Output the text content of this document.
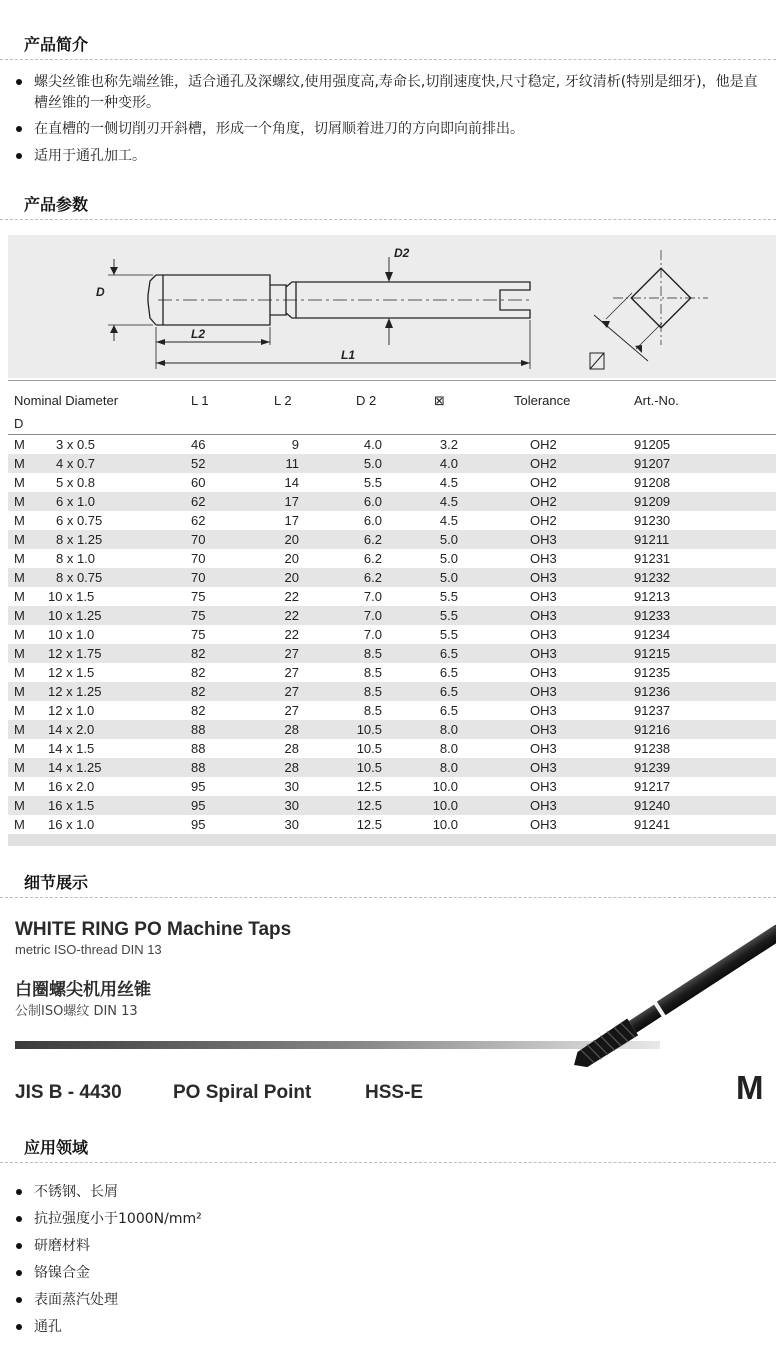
产品简介
螺尖丝锥也称先端丝锥，适合通孔及深螺纹,使用强度高,寿命长,切削速度快,尺寸稳定, 牙纹清析(特别是细牙)，他是直槽丝锥的一种变形。
在直槽的一侧切削刃开斜槽，形成一个角度，切屑顺着进刀的方向即向前排出。
适用于通孔加工。
产品参数
D
D2
L2
L1
Nominal Diameter
D
L 1	L 2	D 2	⊠	Tolerance	Art.-No.
M 3 x 0.5	46	9	4.0	3.2	OH2	91205
M 4 x 0.7	52	11	5.0	4.0	OH2	91207
M 5 x 0.8	60	14	5.5	4.5	OH2	91208
M 6 x 1.0	62	17	6.0	4.5	OH2	91209
M 6 x 0.75	62	17	6.0	4.5	OH2	91230
M 8 x 1.25	70	20	6.2	5.0	OH3	91211
M 8 x 1.0	70	20	6.2	5.0	OH3	91231
M 8 x 0.75	70	20	6.2	5.0	OH3	91232
M 10 x 1.5	75	22	7.0	5.5	OH3	91213
M 10 x 1.25	75	22	7.0	5.5	OH3	91233
M 10 x 1.0	75	22	7.0	5.5	OH3	91234
M 12 x 1.75	82	27	8.5	6.5	OH3	91215
M 12 x 1.5	82	27	8.5	6.5	OH3	91235
M 12 x 1.25	82	27	8.5	6.5	OH3	91236
M 12 x 1.0	82	27	8.5	6.5	OH3	91237
M 14 x 2.0	88	28	10.5	8.0	OH3	91216
M 14 x 1.5	88	28	10.5	8.0	OH3	91238
M 14 x 1.25	88	28	10.5	8.0	OH3	91239
M 16 x 2.0	95	30	12.5	10.0	OH3	91217
M 16 x 1.5	95	30	12.5	10.0	OH3	91240
M 16 x 1.0	95	30	12.5	10.0	OH3	91241
细节展示
WHITE RING PO Machine Taps
metric ISO-thread DIN 13
白圈螺尖机用丝锥
公制ISO螺纹 DIN 13
JIS B - 4430	PO Spiral Point	HSS-E	M
应用领域
不锈钢、长屑
抗拉强度小于1000N/mm²
研磨材料
铬镍合金
表面蒸汽处理
通孔
